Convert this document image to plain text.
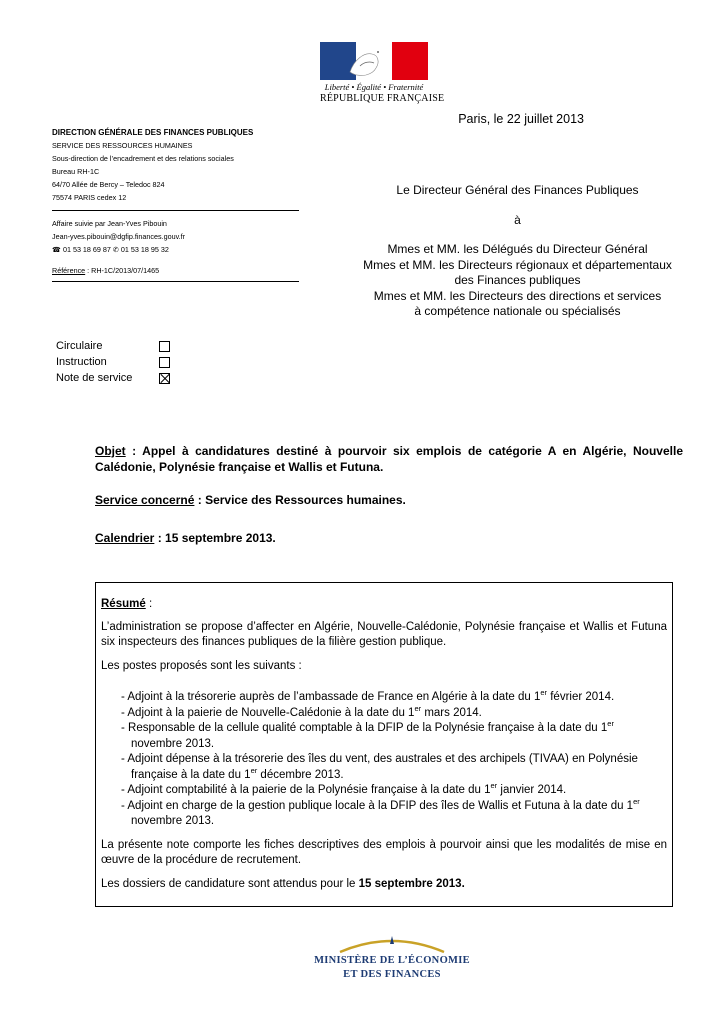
Liberté • Égalité • Fraternité
RÉPUBLIQUE FRANÇAISE
Paris, le 22 juillet 2013
DIRECTION GÉNÉRALE DES FINANCES PUBLIQUES
SERVICE DES RESSOURCES HUMAINES
Sous-direction de l’encadrement et des relations sociales
Bureau RH-1C
64/70 Allée de Bercy – Teledoc 824
75574 PARIS cedex 12
Affaire suivie par Jean-Yves Pibouin
Jean-yves.pibouin@dgfip.finances.gouv.fr
☎ 01 53 18 69 87 ✆ 01 53 18 95 32
Référence : RH-1C/2013/07/1465
Le Directeur Général des Finances Publiques
à
Mmes et MM. les Délégués du Directeur Général
Mmes et MM. les Directeurs régionaux et départementaux
des Finances publiques
Mmes et MM. les Directeurs des directions et services
à compétence nationale ou spécialisés
Circulaire
Instruction
Note de service
Objet : Appel à candidatures destiné à pourvoir six emplois de catégorie A en Algérie, Nouvelle Calédonie, Polynésie française et Wallis et Futuna.
Service concerné : Service des Ressources humaines.
Calendrier : 15 septembre 2013.
Résumé :

L’administration se propose d’affecter en Algérie, Nouvelle-Calédonie, Polynésie française et Wallis et Futuna six inspecteurs des finances publiques de la filière gestion publique.

Les postes proposés sont les suivants :

- Adjoint à la trésorerie auprès de l’ambassade de France en Algérie à la date du 1er février 2014.
- Adjoint à la paierie de Nouvelle-Calédonie à la date du 1er mars 2014.
- Responsable de la cellule qualité comptable à la DFIP de la Polynésie française à la date du 1er novembre 2013.
- Adjoint dépense à la trésorerie des îles du vent, des australes et des archipels (TIVAA) en Polynésie française à la date du 1er décembre 2013.
- Adjoint comptabilité à la paierie de la Polynésie française à la date du 1er janvier 2014.
- Adjoint en charge de la gestion publique locale à la DFIP des îles de Wallis et Futuna à la date du 1er novembre 2013.

La présente note comporte les fiches descriptives des emplois à pourvoir ainsi que les modalités de mise en œuvre de la procédure de recrutement.

Les dossiers de candidature sont attendus pour le 15 septembre 2013.

MINISTÈRE DE L’ÉCONOMIE
ET DES FINANCES
